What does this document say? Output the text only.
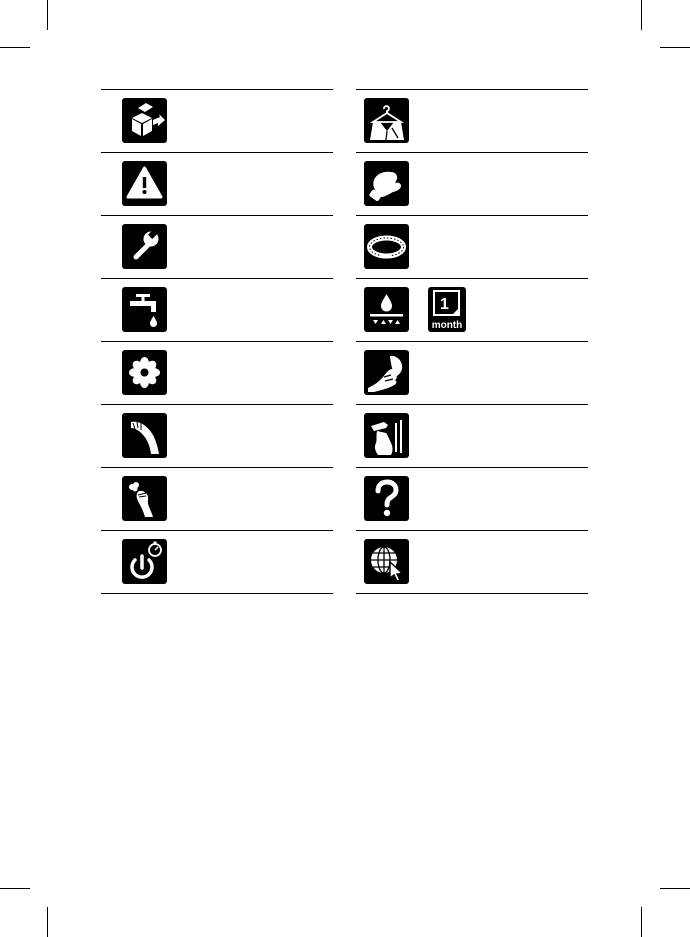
1
month
